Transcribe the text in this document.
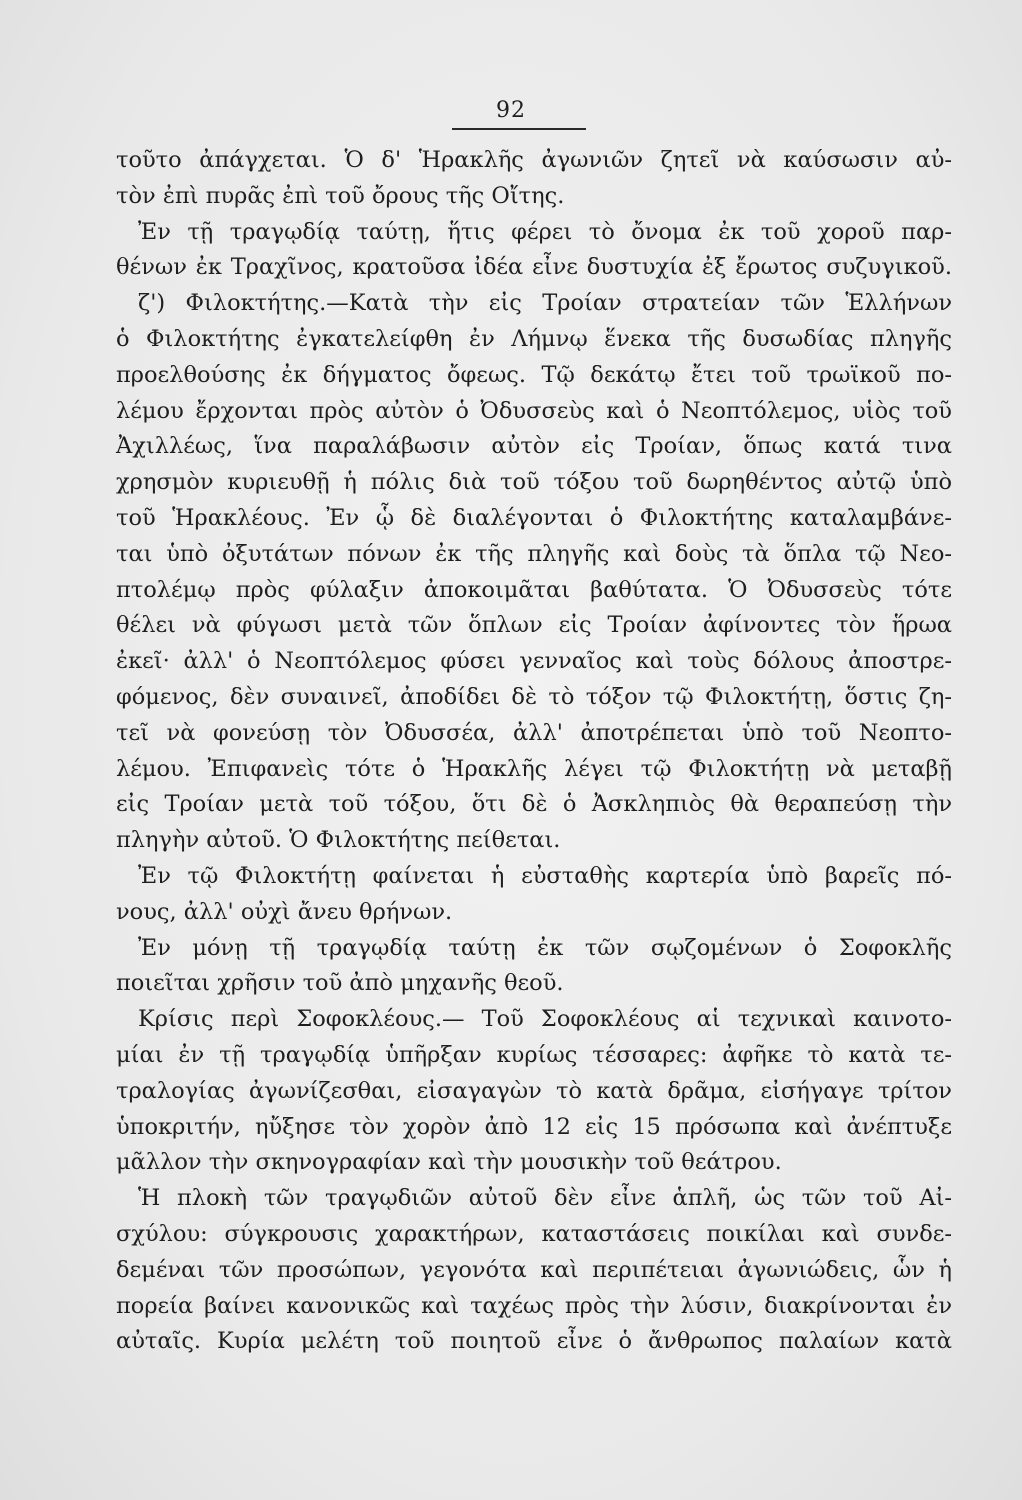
92
τοῦτο ἀπάγχεται. Ὁ δ' Ἡρακλῆς ἀγωνιῶν ζητεῖ νὰ καύσωσιν αὐ-
τὸν ἐπὶ πυρᾶς ἐπὶ τοῦ ὄρους τῆς Οἴτης.
Ἐν τῇ τραγῳδίᾳ ταύτῃ, ἥτις φέρει τὸ ὄνομα ἐκ τοῦ χοροῦ παρ-
θένων ἐκ Τραχῖνος, κρατοῦσα ἰδέα εἶνε δυστυχία ἐξ ἔρωτος συζυγικοῦ.
ζ') Φιλοκτήτης.—Κατὰ τὴν εἰς Τροίαν στρατείαν τῶν Ἑλλήνων
ὁ Φιλοκτήτης ἐγκατελείφθη ἐν Λήμνῳ ἕνεκα τῆς δυσωδίας πληγῆς
προελθούσης ἐκ δήγματος ὄφεως. Τῷ δεκάτῳ ἔτει τοῦ τρωϊκοῦ πο-
λέμου ἔρχονται πρὸς αὐτὸν ὁ Ὀδυσσεὺς καὶ ὁ Νεοπτόλεμος, υἱὸς τοῦ
Ἀχιλλέως, ἵνα παραλάβωσιν αὐτὸν εἰς Τροίαν, ὅπως κατά τινα
χρησμὸν κυριευθῇ ἡ πόλις διὰ τοῦ τόξου τοῦ δωρηθέντος αὐτῷ ὑπὸ
τοῦ Ἡρακλέους. Ἐν ᾧ δὲ διαλέγονται ὁ Φιλοκτήτης καταλαμβάνε-
ται ὑπὸ ὀξυτάτων πόνων ἐκ τῆς πληγῆς καὶ δοὺς τὰ ὅπλα τῷ Νεο-
πτολέμῳ πρὸς φύλαξιν ἀποκοιμᾶται βαθύτατα. Ὁ Ὀδυσσεὺς τότε
θέλει νὰ φύγωσι μετὰ τῶν ὅπλων εἰς Τροίαν ἀφίνοντες τὸν ἥρωα
ἐκεῖ· ἀλλ' ὁ Νεοπτόλεμος φύσει γενναῖος καὶ τοὺς δόλους ἀποστρε-
φόμενος, δὲν συναινεῖ, ἀποδίδει δὲ τὸ τόξον τῷ Φιλοκτήτῃ, ὅστις ζη-
τεῖ νὰ φονεύσῃ τὸν Ὀδυσσέα, ἀλλ' ἀποτρέπεται ὑπὸ τοῦ Νεοπτο-
λέμου. Ἐπιφανεὶς τότε ὁ Ἡρακλῆς λέγει τῷ Φιλοκτήτῃ νὰ μεταβῇ
εἰς Τροίαν μετὰ τοῦ τόξου, ὅτι δὲ ὁ Ἀσκληπιὸς θὰ θεραπεύσῃ τὴν
πληγὴν αὐτοῦ. Ὁ Φιλοκτήτης πείθεται.
Ἐν τῷ Φιλοκτήτῃ φαίνεται ἡ εὐσταθὴς καρτερία ὑπὸ βαρεῖς πό-
νους, ἀλλ' οὐχὶ ἄνευ θρήνων.
Ἐν μόνῃ τῇ τραγῳδίᾳ ταύτῃ ἐκ τῶν σῳζομένων ὁ Σοφοκλῆς
ποιεῖται χρῆσιν τοῦ ἀπὸ μηχανῆς θεοῦ.
Κρίσις περὶ Σοφοκλέους.— Τοῦ Σοφοκλέους αἱ τεχνικαὶ καινοτο-
μίαι ἐν τῇ τραγῳδίᾳ ὑπῆρξαν κυρίως τέσσαρες: ἀφῆκε τὸ κατὰ τε-
τραλογίας ἀγωνίζεσθαι, εἰσαγαγὼν τὸ κατὰ δρᾶμα, εἰσήγαγε τρίτον
ὑποκριτήν, ηὔξησε τὸν χορὸν ἀπὸ 12 εἰς 15 πρόσωπα καὶ ἀνέπτυξε
μᾶλλον τὴν σκηνογραφίαν καὶ τὴν μουσικὴν τοῦ θεάτρου.
Ἡ πλοκὴ τῶν τραγῳδιῶν αὐτοῦ δὲν εἶνε ἁπλῆ, ὡς τῶν τοῦ Αἰ-
σχύλου: σύγκρουσις χαρακτήρων, καταστάσεις ποικίλαι καὶ συνδε-
δεμέναι τῶν προσώπων, γεγονότα καὶ περιπέτειαι ἀγωνιώδεις, ὧν ἡ
πορεία βαίνει κανονικῶς καὶ ταχέως πρὸς τὴν λύσιν, διακρίνονται ἐν
αὐταῖς. Κυρία μελέτη τοῦ ποιητοῦ εἶνε ὁ ἄνθρωπος παλαίων κατὰ
